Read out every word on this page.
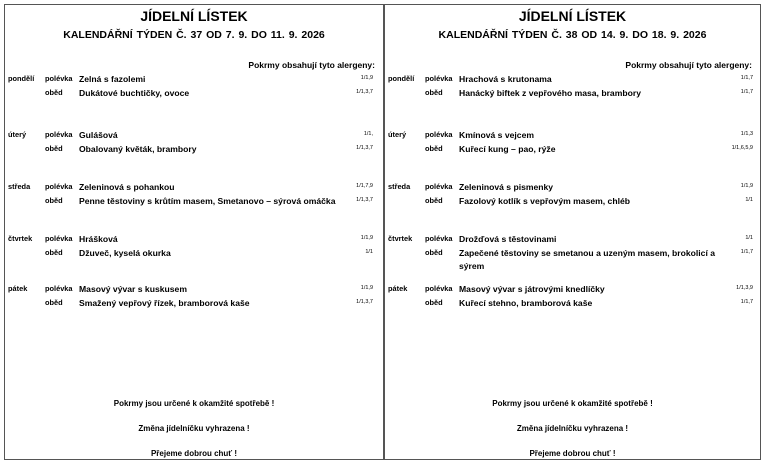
JÍDELNÍ LÍSTEK
KALENDÁŘNÍ TÝDEN Č. 37 OD 7. 9. DO 11. 9. 2026
Pokrmy obsahují tyto alergeny:
pondělí polévka Zelná s fazolemi	1/1,9
oběd Dukátové buchtičky, ovoce	1/1,3,7
úterý	polévka Gulášová	1/1,
oběd Obalovaný květák, brambory	1/1,3,7
středa polévka Zeleninová s pohankou	1/1,7,9
oběd Penne těstoviny s krůtím masem, Smetanovo – sýrová omáčka	1/1,3,7
čtvrtek polévka Hrášková	1/1,9
oběd Džuveč, kyselá okurka	1/1
pátek polévka Masový vývar s kuskusem	1/1,9
oběd Smažený vepřový řízek, bramborová kaše	1/1,3,7
Pokrmy jsou určené k okamžité spotřebě !
Změna jídelníčku vyhrazena !
Přejeme dobrou chuť !
JÍDELNÍ LÍSTEK
KALENDÁŘNÍ TÝDEN Č. 38 OD 14. 9. DO 18. 9. 2026
Pokrmy obsahují tyto alergeny:
pondělí polévka Hrachová s krutonama	1/1,7
oběd Hanácký biftek z vepřového masa, brambory	1/1,7
úterý	polévka Kmínová s vejcem	1/1,3
oběd Kuřecí kung – pao, rýže	1/1,6,5,9
středa polévka Zeleninová s pismenky	1/1,9
oběd Fazolový kotlík s vepřovým masem, chléb	1/1
čtvrtek polévka Drožďová s těstovinami	1/1
oběd Zapečené těstoviny se smetanou a uzeným masem, brokolicí a sýrem
1/1,7
pátek polévka Masový vývar s játrovými knedlíčky	1/1,3,9
oběd Kuřecí stehno, bramborová kaše	1/1,7
Pokrmy jsou určené k okamžité spotřebě !
Změna jídelníčku vyhrazena !
Přejeme dobrou chuť !
